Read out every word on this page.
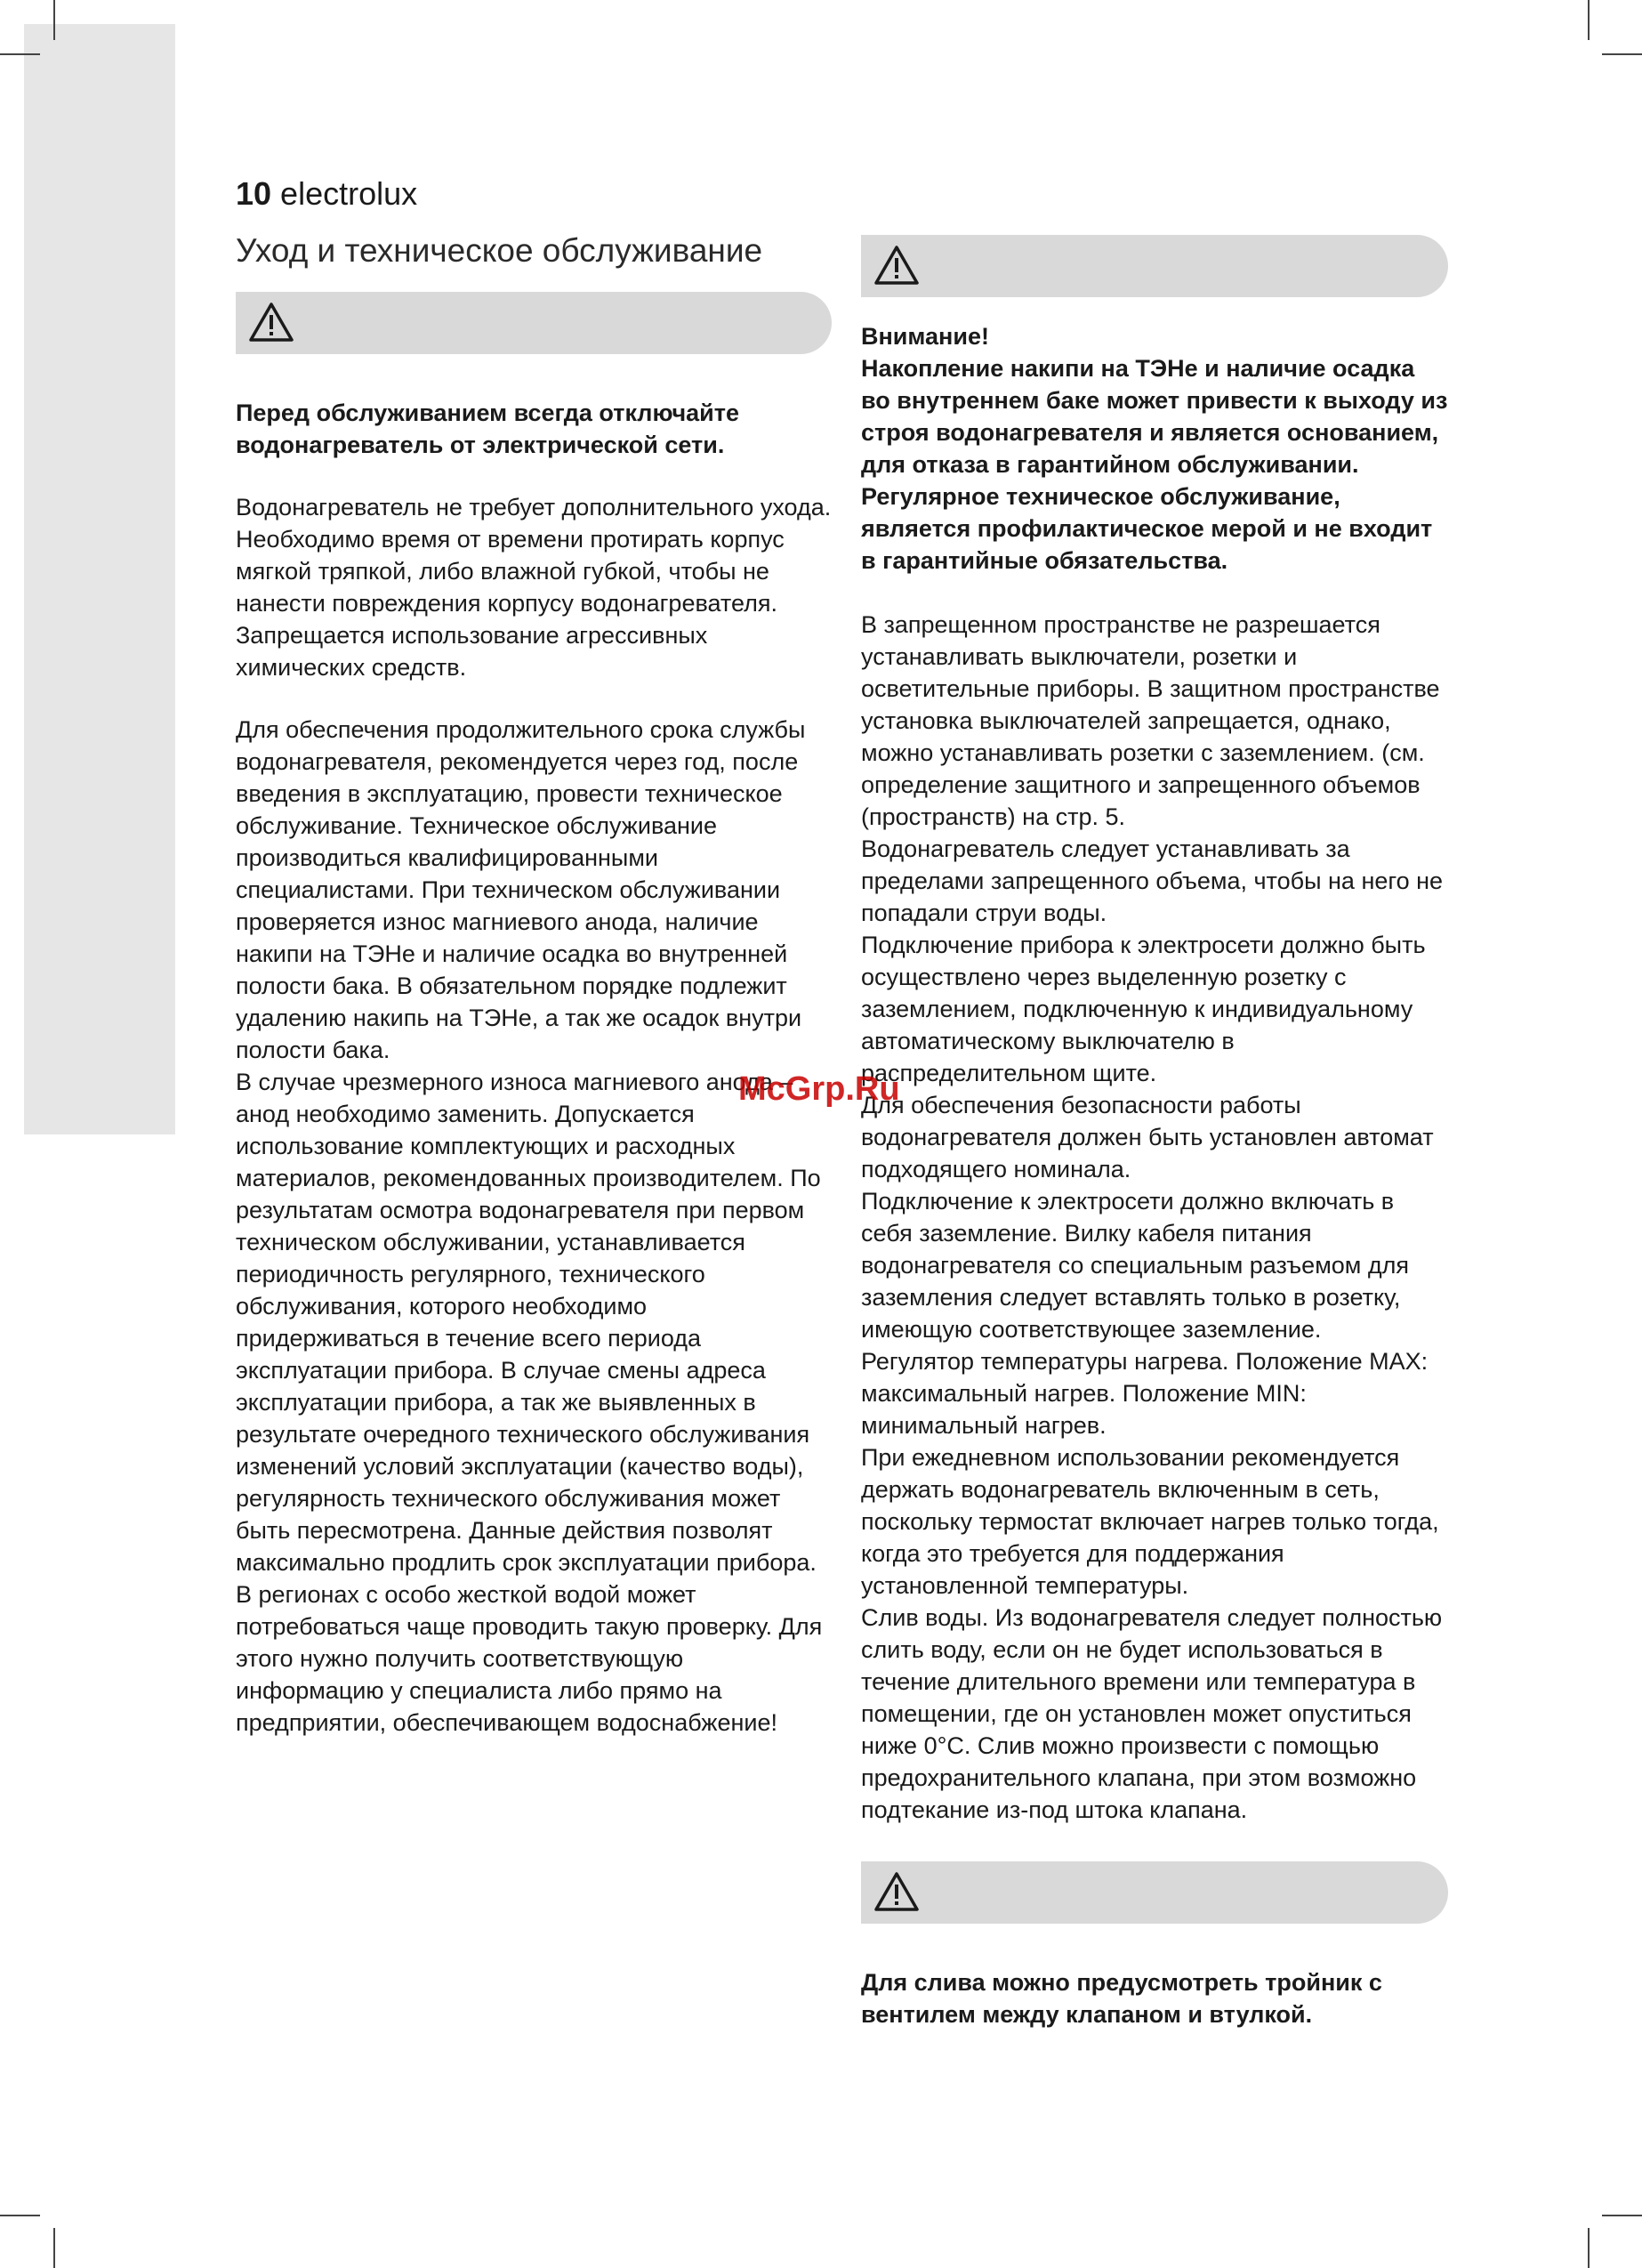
10 electrolux
Уход и техническое обслуживание

Перед обслуживанием всегда отключайте водонагреватель от электрической сети.

Водонагреватель не требует дополнительного ухода. Необходимо время от времени протирать корпус мягкой тряпкой, либо влажной губкой, чтобы не нанести повреждения корпусу водонагревателя. Запрещается использование агрессивных химических средств.

Для обеспечения продолжительного срока службы водонагревателя, рекомендуется через год, после введения в эксплуатацию, провести техническое обслуживание. Техническое обслуживание производиться квалифицированными специалистами. При техническом обслуживании проверяется износ магниевого анода, наличие накипи на ТЭНе и наличие осадка во внутренней полости бака. В обязательном порядке подлежит удалению накипь на ТЭНе, а так же осадок внутри полости бака.

В случае чрезмерного износа магниевого анода – анод необходимо заменить. Допускается использование комплектующих и расходных материалов, рекомендованных производителем. По результатам осмотра водонагревателя при первом техническом обслуживании, устанавливается периодичность регулярного, технического обслуживания, которого необходимо придерживаться в течение всего периода эксплуатации прибора. В случае смены адреса эксплуатации прибора, а так же выявленных в результате очередного технического обслуживания изменений условий эксплуатации (качество воды), регулярность технического обслуживания может быть пересмотрена. Данные действия позволят максимально продлить срок эксплуатации прибора. В регионах с особо жесткой водой может потребоваться чаще проводить такую проверку. Для этого нужно получить соответствующую информацию у специалиста либо прямо на предприятии, обеспечивающем водоснабжение!

Внимание!

Накопление накипи на ТЭНе и наличие осадка во внутреннем баке может привести к выходу из строя водонагревателя и является основанием, для отказа в гарантийном обслуживании. Регулярное техническое обслуживание, является профилактическое мерой и не входит в гарантийные обязательства.

В запрещенном пространстве не разрешается устанавливать выключатели, розетки и осветительные приборы. В защитном пространстве установка выключателей запрещается, однако, можно устанавливать розетки с заземлением. (см. определение защитного и запрещенного объемов (пространств) на стр. 5.

Водонагреватель следует устанавливать за пределами запрещенного объема, чтобы на него не попадали струи воды.

Подключение прибора к электросети должно быть осуществлено через выделенную розетку с заземлением, подключенную к индивидуальному автоматическому выключателю в распределительном щите.

Для обеспечения безопасности работы водонагревателя должен быть установлен автомат подходящего номинала.

Подключение к электросети должно включать в себя заземление. Вилку кабеля питания водонагревателя со специальным разъемом для заземления следует вставлять только в розетку, имеющую соответствующее заземление.

Регулятор температуры нагрева. Положение MAX: максимальный нагрев. Положение MIN: минимальный нагрев.

При ежедневном использовании рекомендуется держать водонагреватель включенным в сеть, поскольку термостат включает нагрев только тогда, когда это требуется для поддержания установленной температуры.

Слив воды. Из водонагревателя следует полностью слить воду, если он не будет использоваться в течение длительного времени или температура в помещении, где он установлен может опуститься ниже 0°C. Слив можно произвести с помощью предохранительного клапана, при этом возможно подтекание из-под штока клапана.

Для слива можно предусмотреть тройник с вентилем между клапаном и втулкой.

McGrp.Ru
